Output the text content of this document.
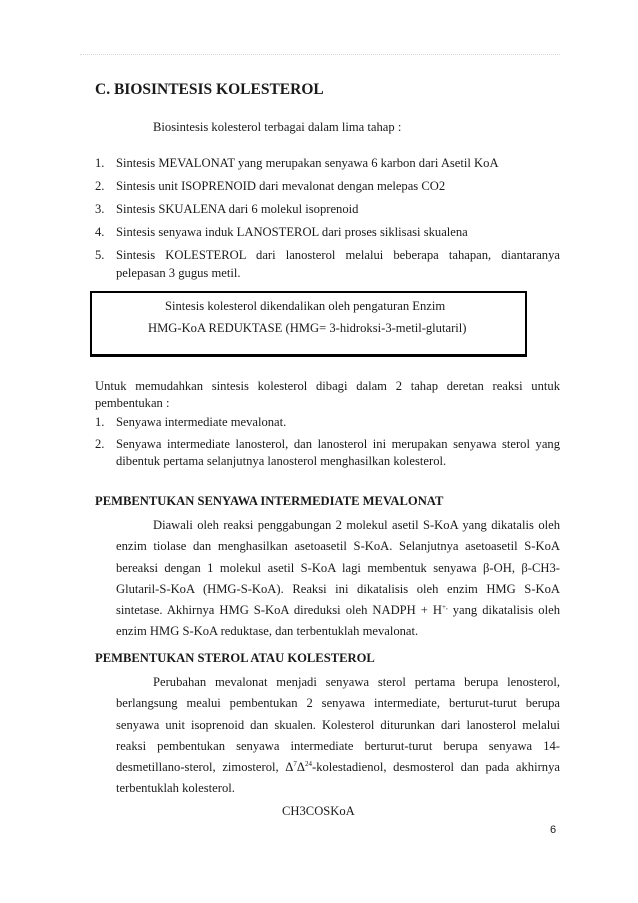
C. BIOSINTESIS KOLESTEROL

Biosintesis kolesterol terbagai dalam lima tahap :

1. Sintesis MEVALONAT yang merupakan senyawa 6 karbon dari Asetil KoA
2. Sintesis unit ISOPRENOID dari mevalonat dengan melepas CO2
3. Sintesis SKUALENA dari 6 molekul isoprenoid
4. Sintesis senyawa induk LANOSTEROL dari proses siklisasi skualena
5. Sintesis KOLESTEROL dari lanosterol melalui beberapa tahapan, diantaranya pelepasan 3 gugus metil.
Sintesis kolesterol dikendalikan oleh pengaturan Enzim
HMG-KoA REDUKTASE (HMG= 3-hidroksi-3-metil-glutaril)

Untuk memudahkan sintesis kolesterol dibagi dalam 2 tahap deretan reaksi untuk pembentukan :

1. Senyawa intermediate mevalonat.
2. Senyawa intermediate lanosterol, dan lanosterol ini merupakan senyawa sterol yang dibentuk pertama selanjutnya lanosterol menghasilkan kolesterol.
PEMBENTUKAN SENYAWA INTERMEDIATE MEVALONAT

Diawali oleh reaksi penggabungan 2 molekul asetil S-KoA yang dikatalis oleh enzim tiolase dan menghasilkan asetoasetil S-KoA. Selanjutnya asetoasetil S-KoA bereaksi dengan 1 molekul asetil S-KoA lagi membentuk senyawa β-OH, β-CH3-Glutaril-S-KoA (HMG-S-KoA). Reaksi ini dikatalisis oleh enzim HMG S-KoA sintetase. Akhirnya HMG S-KoA direduksi oleh NADPH + H+, yang dikatalisis oleh enzim HMG S-KoA reduktase, dan terbentuklah mevalonat.

PEMBENTUKAN STEROL ATAU KOLESTEROL

Perubahan mevalonat menjadi senyawa sterol pertama berupa lenosterol, berlangsung mealui pembentukan 2 senyawa intermediate, berturut-turut berupa senyawa unit isoprenoid dan skualen. Kolesterol diturunkan dari lanosterol melalui reaksi pembentukan senyawa intermediate berturut-turut berupa senyawa 14-desmetillano-sterol, zimosterol, $\Delta^7\Delta^{24}$-kolestadienol, desmosterol dan pada akhirnya terbentuklah kolesterol.

CH3COSKoA
6
